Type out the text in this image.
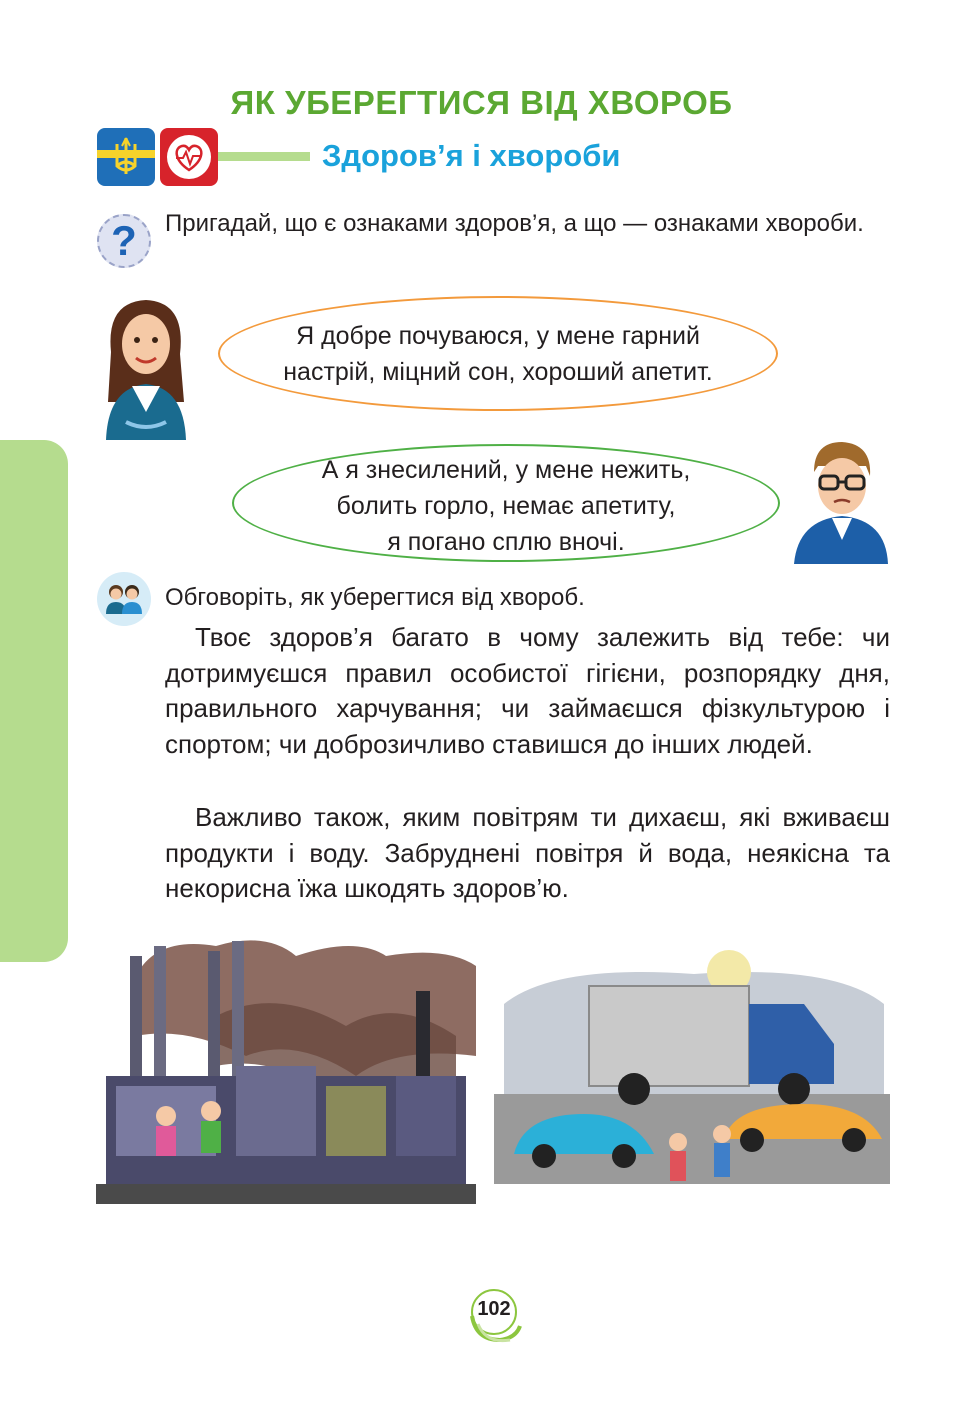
ЯК УБЕРЕГТИСЯ ВІД ХВОРОБ
Здоров’я і хвороби
?	Пригадай, що є ознаками здоров’я, а що — ознаками хвороби.
Я добре почуваюся, у мене гарний
настрій, міцний сон, хороший апетит.
А я знесилений, у мене нежить,
болить горло, немає апетиту,
я погано сплю вночі.
Обговоріть, як уберегтися від хвороб.
Твоє здоров’я багато в чому залежить від тебе: чи дотримуєшся правил особистої гігієни, розпорядку дня, правильного харчування; чи займаєшся фізкультурою і спортом; чи доброзичливо ставишся до інших людей.
Важливо також, яким повітрям ти дихаєш, які вживаєш продукти і воду. Забруднені повітря й вода, неякісна та некорисна їжа шкодять здоров’ю.
102
